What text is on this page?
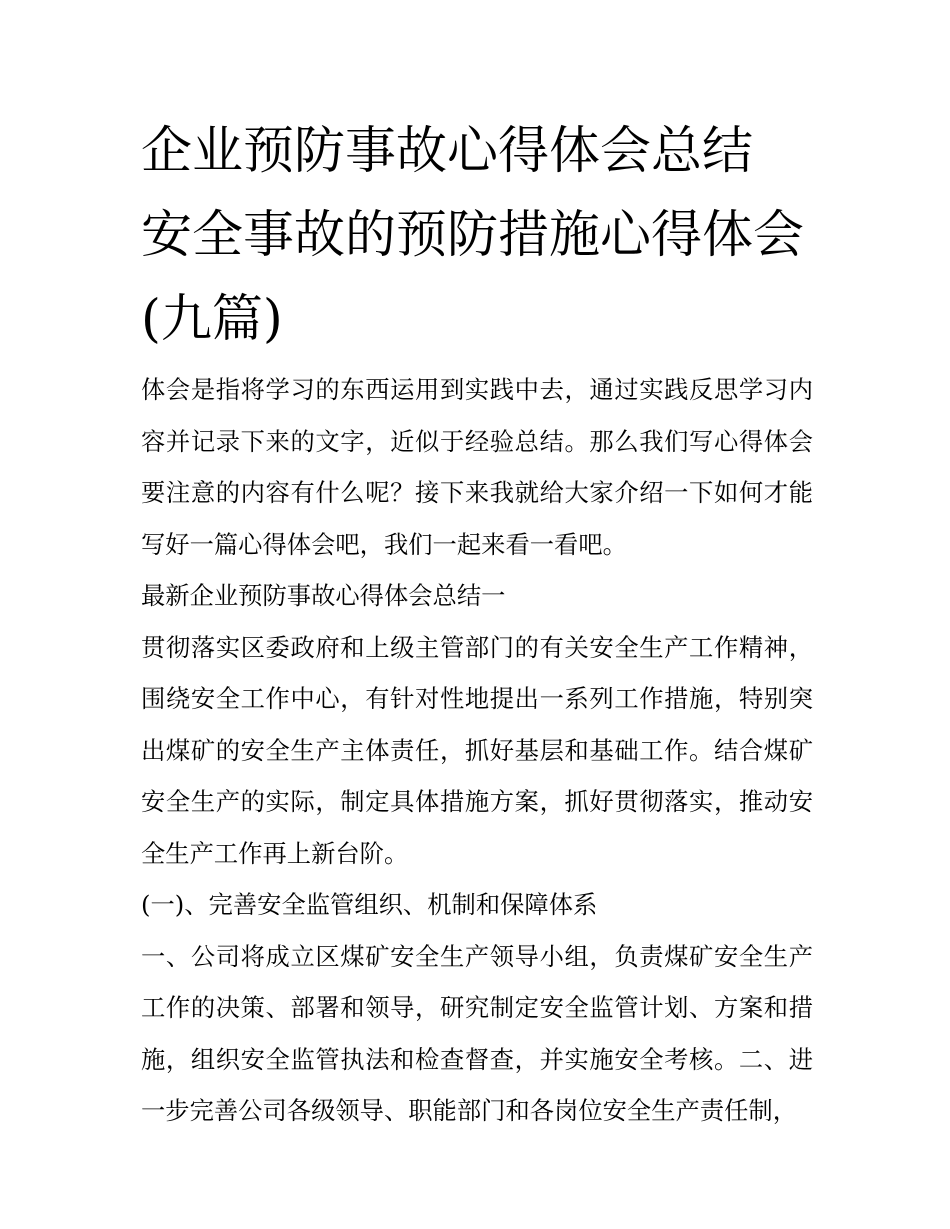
企业预防事故心得体会总结 安全事故的预防措施心得体会(九篇)

体会是指将学习的东西运用到实践中去，通过实践反思学习内容并记录下来的文字，近似于经验总结。那么我们写心得体会要注意的内容有什么呢？接下来我就给大家介绍一下如何才能写好一篇心得体会吧，我们一起来看一看吧。

最新企业预防事故心得体会总结一

贯彻落实区委政府和上级主管部门的有关安全生产工作精神，围绕安全工作中心，有针对性地提出一系列工作措施，特别突出煤矿的安全生产主体责任，抓好基层和基础工作。结合煤矿安全生产的实际，制定具体措施方案，抓好贯彻落实，推动安全生产工作再上新台阶。

(一)、完善安全监管组织、机制和保障体系

一、公司将成立区煤矿安全生产领导小组，负责煤矿安全生产工作的决策、部署和领导，研究制定安全监管计划、方案和措施，组织安全监管执法和检查督查，并实施安全考核。二、进一步完善公司各级领导、职能部门和各岗位安全生产责任制，
